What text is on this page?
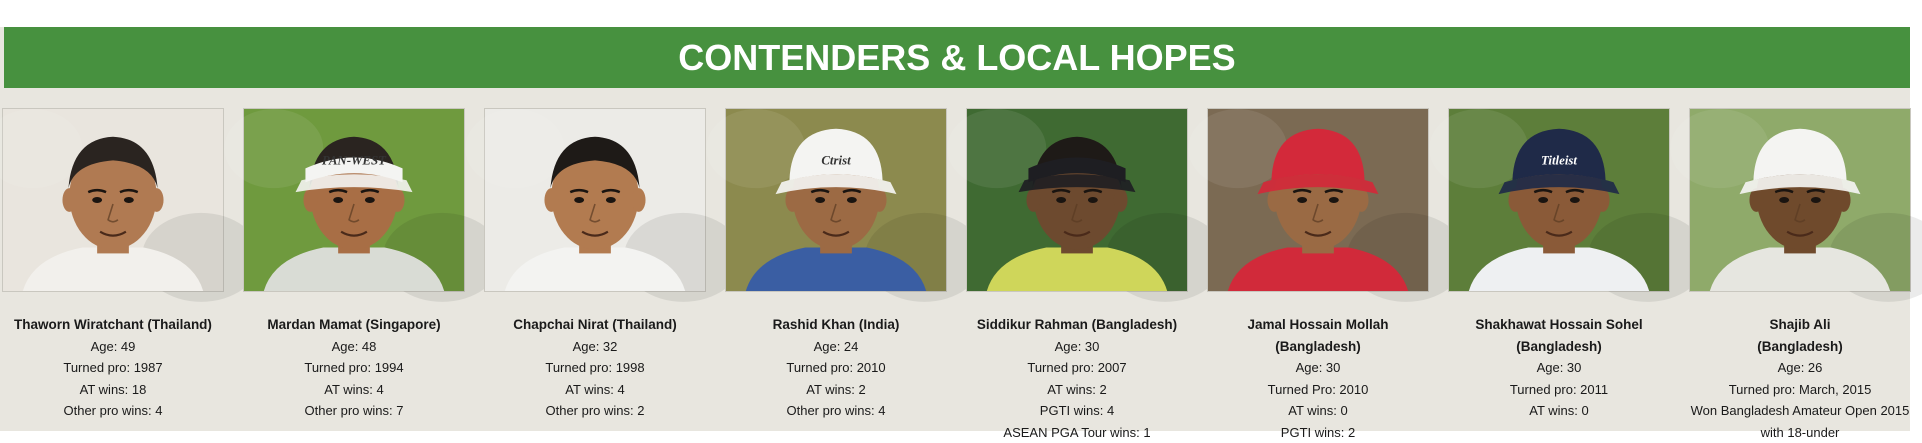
CONTENDERS & LOCAL HOPES
Thaworn Wiratchant (Thailand)
Age: 49
Turned pro: 1987
AT wins: 18
Other pro wins: 4
PAN-WEST
Mardan Mamat (Singapore)
Age: 48
Turned pro: 1994
AT wins: 4
Other pro wins: 7
Chapchai Nirat (Thailand)
Age: 32
Turned pro: 1998
AT wins: 4
Other pro wins: 2
Ctrist
Rashid Khan (India)
Age: 24
Turned pro: 2010
AT wins: 2
Other pro wins: 4
Siddikur Rahman (Bangladesh)
Age: 30
Turned pro: 2007
AT wins: 2
PGTI wins: 4
ASEAN PGA Tour wins: 1
Jamal Hossain Mollah
(Bangladesh)
Age: 30
Turned Pro: 2010
AT wins: 0
PGTI wins: 2
Titleist
Shakhawat Hossain Sohel
(Bangladesh)
Age: 30
Turned pro: 2011
AT wins: 0
Shajib Ali
(Bangladesh)
Age: 26
Turned pro: March, 2015
Won Bangladesh Amateur Open 2015
with 18-under
